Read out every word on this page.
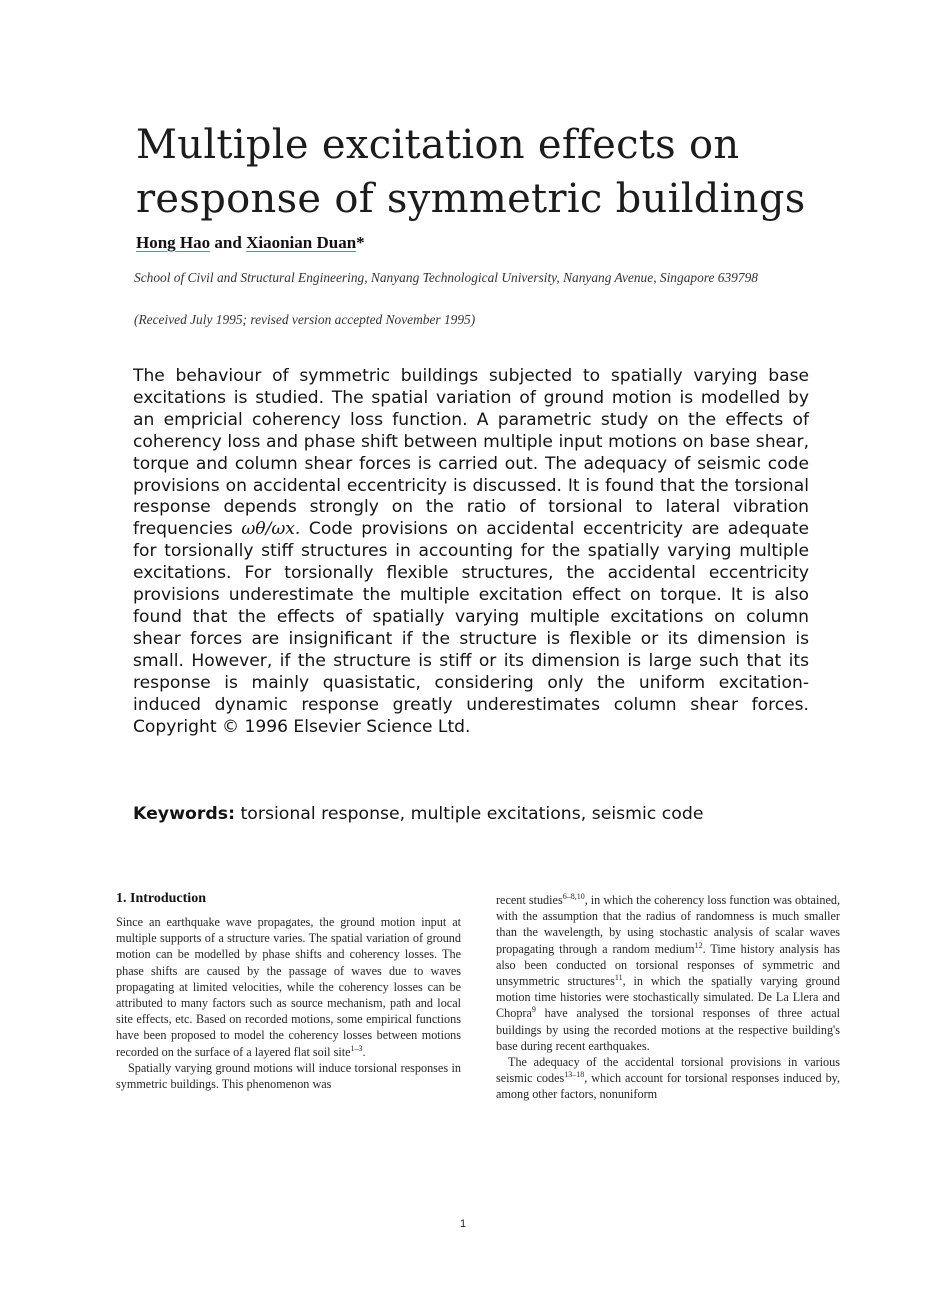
Multiple excitation effects on response of symmetric buildings
Hong Hao and Xiaonian Duan*
School of Civil and Structural Engineering, Nanyang Technological University, Nanyang Avenue, Singapore 639798
(Received July 1995; revised version accepted November 1995)
The behaviour of symmetric buildings subjected to spatially varying base excitations is studied. The spatial variation of ground motion is modelled by an empricial coherency loss function. A parametric study on the effects of coherency loss and phase shift between multiple input motions on base shear, torque and column shear forces is carried out. The adequacy of seismic code provisions on accidental eccentricity is discussed. It is found that the torsional response depends strongly on the ratio of torsional to lateral vibration frequencies ωθ/ωx. Code provisions on accidental eccentricity are adequate for torsionally stiff structures in accounting for the spatially varying multiple excitations. For torsionally flexible structures, the accidental eccentricity provisions underestimate the multiple excitation effect on torque. It is also found that the effects of spatially varying multiple excitations on column shear forces are insignificant if the structure is flexible or its dimension is small. However, if the structure is stiff or its dimension is large such that its response is mainly quasistatic, considering only the uniform excitation-induced dynamic response greatly underestimates column shear forces. Copyright © 1996 Elsevier Science Ltd.
Keywords: torsional response, multiple excitations, seismic code
1. Introduction

Since an earthquake wave propagates, the ground motion input at multiple supports of a structure varies. The spatial variation of ground motion can be modelled by phase shifts and coherency losses. The phase shifts are caused by the passage of waves due to waves propagating at limited velocities, while the coherency losses can be attributed to many factors such as source mechanism, path and local site effects, etc. Based on recorded motions, some empirical functions have been proposed to model the coherency losses between motions recorded on the surface of a layered flat soil site$^{1-3}$.

Spatially varying ground motions will induce torsional responses in symmetric buildings. This phenomenon was

recent studies$^{6-8,10}$, in which the coherency loss function was obtained, with the assumption that the radius of randomness is much smaller than the wavelength, by using stochastic analysis of scalar waves propagating through a random medium$^{12}$. Time history analysis has also been conducted on torsional responses of symmetric and unsymmetric structures$^{11}$, in which the spatially varying ground motion time histories were stochastically simulated. De La Llera and Chopra$^9$ have analysed the torsional responses of three actual buildings by using the recorded motions at the respective building's base during recent earthquakes.

The adequacy of the accidental torsional provisions in various seismic codes$^{13-18}$, which account for torsional responses induced by, among other factors, nonuniform

1
